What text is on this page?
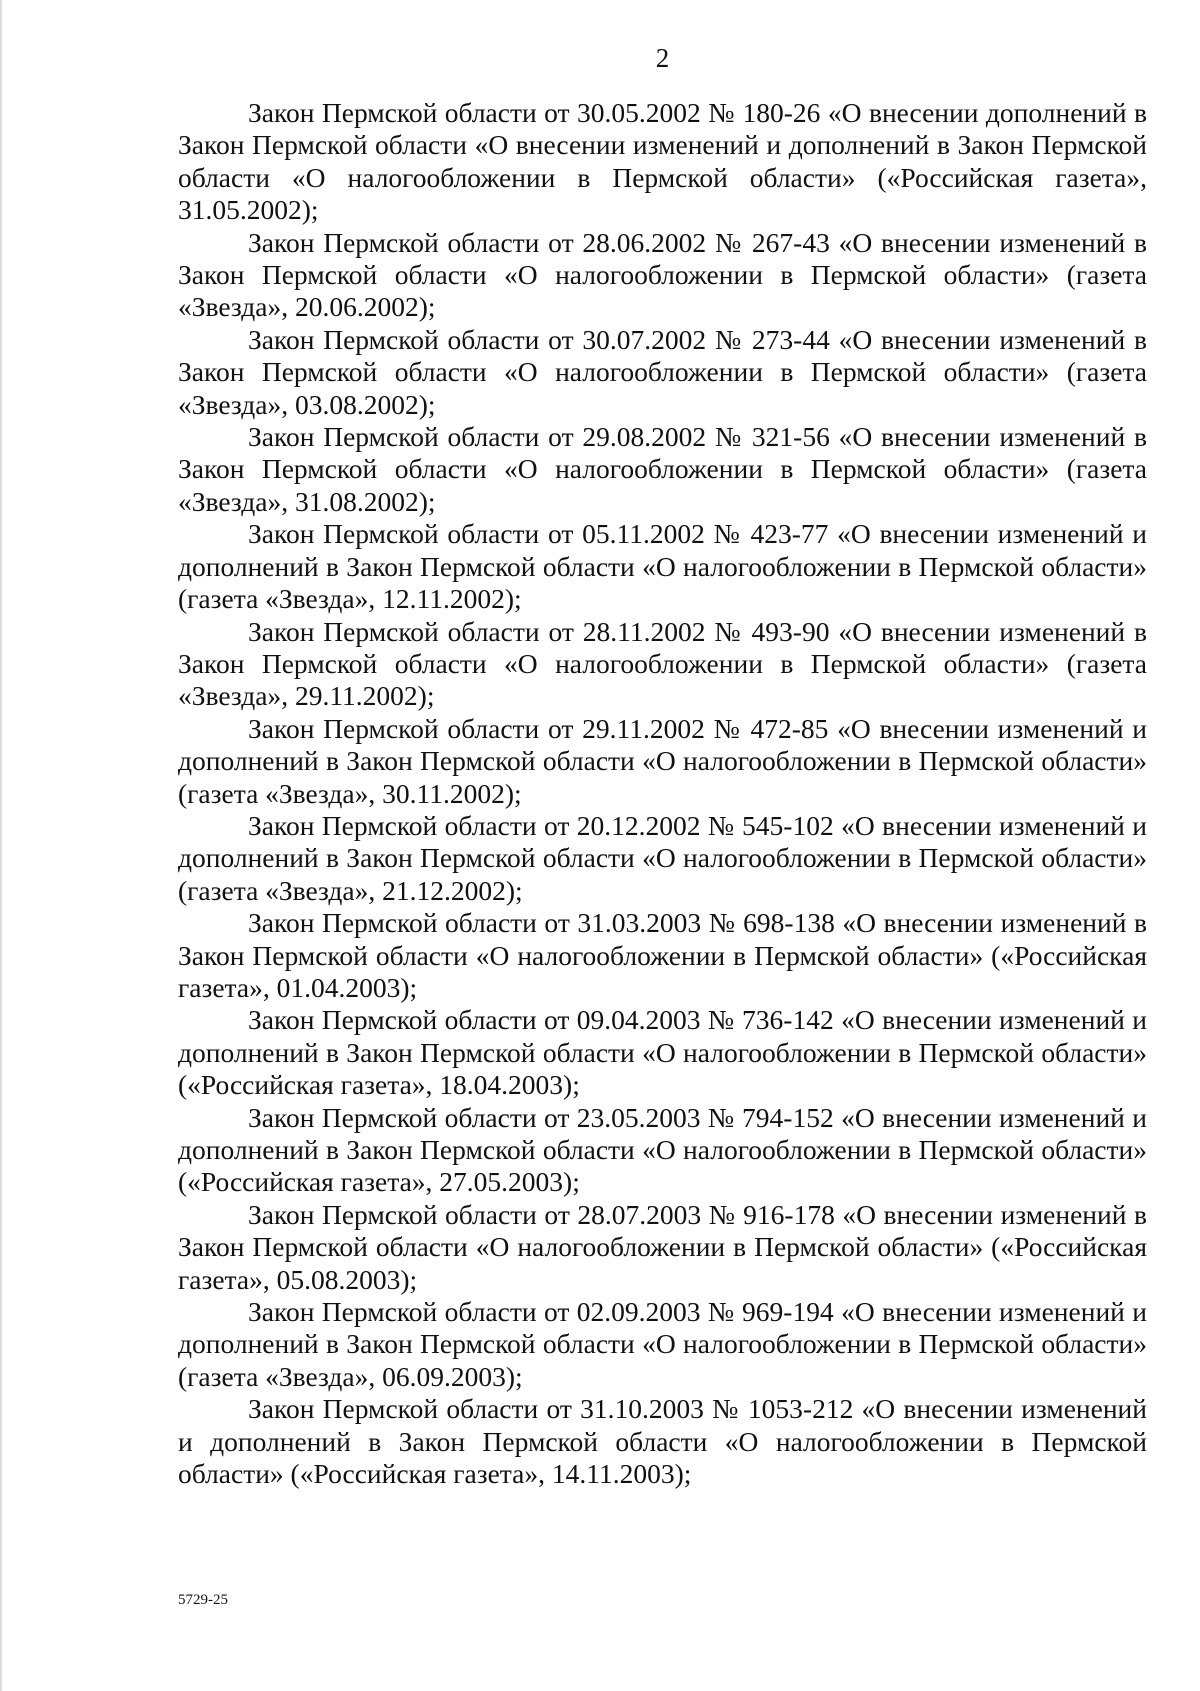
2

Закон Пермской области от 30.05.2002 № 180-26 «О внесении дополнений в Закон Пермской области «О внесении изменений и дополнений в Закон Пермской области «О налогообложении в Пермской области» («Российская газета», 31.05.2002);

Закон Пермской области от 28.06.2002 № 267-43 «О внесении изменений в Закон Пермской области «О налогообложении в Пермской области» (газета «Звезда», 20.06.2002);

Закон Пермской области от 30.07.2002 № 273-44 «О внесении изменений в Закон Пермской области «О налогообложении в Пермской области» (газета «Звезда», 03.08.2002);

Закон Пермской области от 29.08.2002 № 321-56 «О внесении изменений в Закон Пермской области «О налогообложении в Пермской области» (газета «Звезда», 31.08.2002);

Закон Пермской области от 05.11.2002 № 423-77 «О внесении изменений и дополнений в Закон Пермской области «О налогообложении в Пермской области» (газета «Звезда», 12.11.2002);

Закон Пермской области от 28.11.2002 № 493-90 «О внесении изменений в Закон Пермской области «О налогообложении в Пермской области» (газета «Звезда», 29.11.2002);

Закон Пермской области от 29.11.2002 № 472-85 «О внесении изменений и дополнений в Закон Пермской области «О налогообложении в Пермской области» (газета «Звезда», 30.11.2002);

Закон Пермской области от 20.12.2002 № 545-102 «О внесении изменений и дополнений в Закон Пермской области «О налогообложении в Пермской области» (газета «Звезда», 21.12.2002);

Закон Пермской области от 31.03.2003 № 698-138 «О внесении изменений в Закон Пермской области «О налогообложении в Пермской области» («Российская газета», 01.04.2003);

Закон Пермской области от 09.04.2003 № 736-142 «О внесении изменений и дополнений в Закон Пермской области «О налогообложении в Пермской области» («Российская газета», 18.04.2003);

Закон Пермской области от 23.05.2003 № 794-152 «О внесении изменений и дополнений в Закон Пермской области «О налогообложении в Пермской области» («Российская газета», 27.05.2003);

Закон Пермской области от 28.07.2003 № 916-178 «О внесении изменений в Закон Пермской области «О налогообложении в Пермской области» («Российская газета», 05.08.2003);

Закон Пермской области от 02.09.2003 № 969-194 «О внесении изменений и дополнений в Закон Пермской области «О налогообложении в Пермской области» (газета «Звезда», 06.09.2003);

Закон Пермской области от 31.10.2003 № 1053-212 «О внесении изменений и дополнений в Закон Пермской области «О налогообложении в Пермской области» («Российская газета», 14.11.2003);

5729-25
